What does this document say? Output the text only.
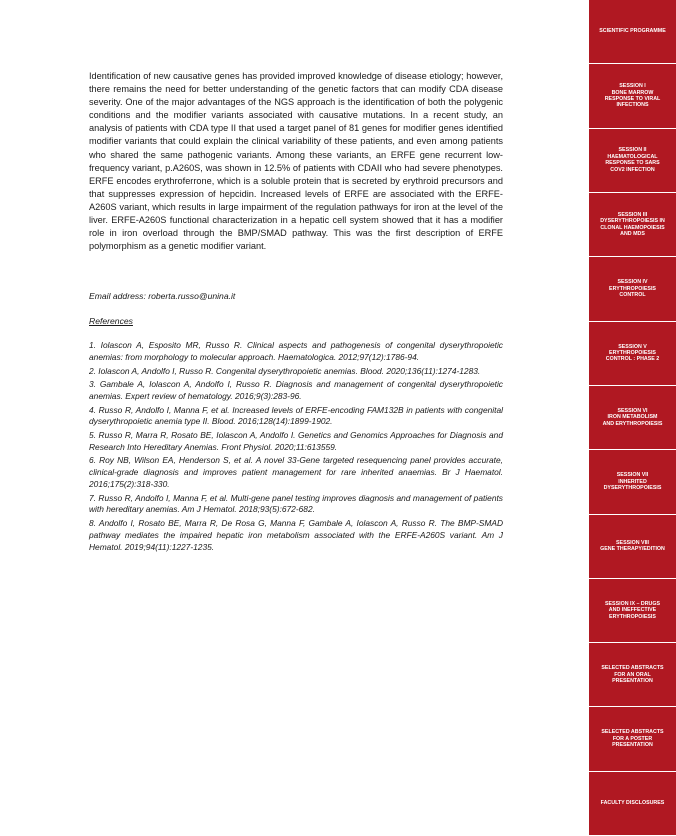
Identification of new causative genes has provided improved knowledge of disease etiology; however, there remains the need for better understanding of the genetic factors that can modify CDA disease severity. One of the major advantages of the NGS approach is the identification of both the polygenic conditions and the modifier variants associated with causative mutations. In a recent study, an analysis of patients with CDA type II that used a target panel of 81 genes for modifier genes identified modifier variants that could explain the clinical variability of these patients, and even among patients who shared the same pathogenic variants. Among these variants, an ERFE gene recurrent low-frequency variant, p.A260S, was shown in 12.5% of patients with CDAII who had severe phenotypes. ERFE encodes erythroferrone, which is a soluble protein that is secreted by erythroid precursors and that suppresses expression of hepcidin. Increased levels of ERFE are associated with the ERFE-A260S variant, which results in large impairment of the regulation pathways for iron at the level of the liver. ERFE-A260S functional characterization in a hepatic cell system showed that it has a modifier role in iron overload through the BMP/SMAD pathway. This was the first description of ERFE polymorphism as a genetic modifier variant.

Email address: roberta.russo@unina.it
References

1. Iolascon A, Esposito MR, Russo R. Clinical aspects and pathogenesis of congenital dyserythropoietic anemias: from morphology to molecular approach. Haematologica. 2012;97(12):1786-94.

2. Iolascon A, Andolfo I, Russo R. Congenital dyserythropoietic anemias. Blood. 2020;136(11):1274-1283.

3. Gambale A, Iolascon A, Andolfo I, Russo R. Diagnosis and management of congenital dyserythropoietic anemias. Expert review of hematology. 2016;9(3):283-96.

4. Russo R, Andolfo I, Manna F, et al. Increased levels of ERFE-encoding FAM132B in patients with congenital dyserythropoietic anemia type II. Blood. 2016;128(14):1899-1902.

5. Russo R, Marra R, Rosato BE, Iolascon A, Andolfo I. Genetics and Genomics Approaches for Diagnosis and Research Into Hereditary Anemias. Front Physiol. 2020;11:613559.

6. Roy NB, Wilson EA, Henderson S, et al. A novel 33-Gene targeted resequencing panel provides accurate, clinical-grade diagnosis and improves patient management for rare inherited anaemias. Br J Haematol. 2016;175(2):318-330.

7. Russo R, Andolfo I, Manna F, et al. Multi-gene panel testing improves diagnosis and management of patients with hereditary anemias. Am J Hematol. 2018;93(5):672-682.

8. Andolfo I, Rosato BE, Marra R, De Rosa G, Manna F, Gambale A, Iolascon A, Russo R. The BMP-SMAD pathway mediates the impaired hepatic iron metabolism associated with the ERFE-A260S variant. Am J Hematol. 2019;94(11):1227-1235.

SCIENTIFIC PROGRAMME
SESSION I
BONE MARROW
RESPONSE TO VIRAL
INFECTIONS
SESSION II
HAEMATOLOGICAL
RESPONSE TO SARS
COV2 INFECTION
SESSION III
DYSERYTHROPOIESIS IN
CLONAL HAEMOPOIESIS
AND MDS
SESSION IV
ERYTHROPOIESIS
CONTROL
SESSION V
ERYTHROPOIESIS
CONTROL : PHASE 2
SESSION VI
IRON METABOLISM
AND ERYTHROPOIESIS
SESSION VII
INHERITED
DYSERYTHROPOIESIS
SESSION VIII
GENE THERAPY/EDITION
SESSION IX – DRUGS
AND INEFFECTIVE
ERYTHROPOIESIS
SELECTED ABSTRACTS
FOR AN ORAL
PRESENTATION
SELECTED ABSTRACTS
FOR A POSTER
PRESENTATION
FACULTY DISCLOSURES
